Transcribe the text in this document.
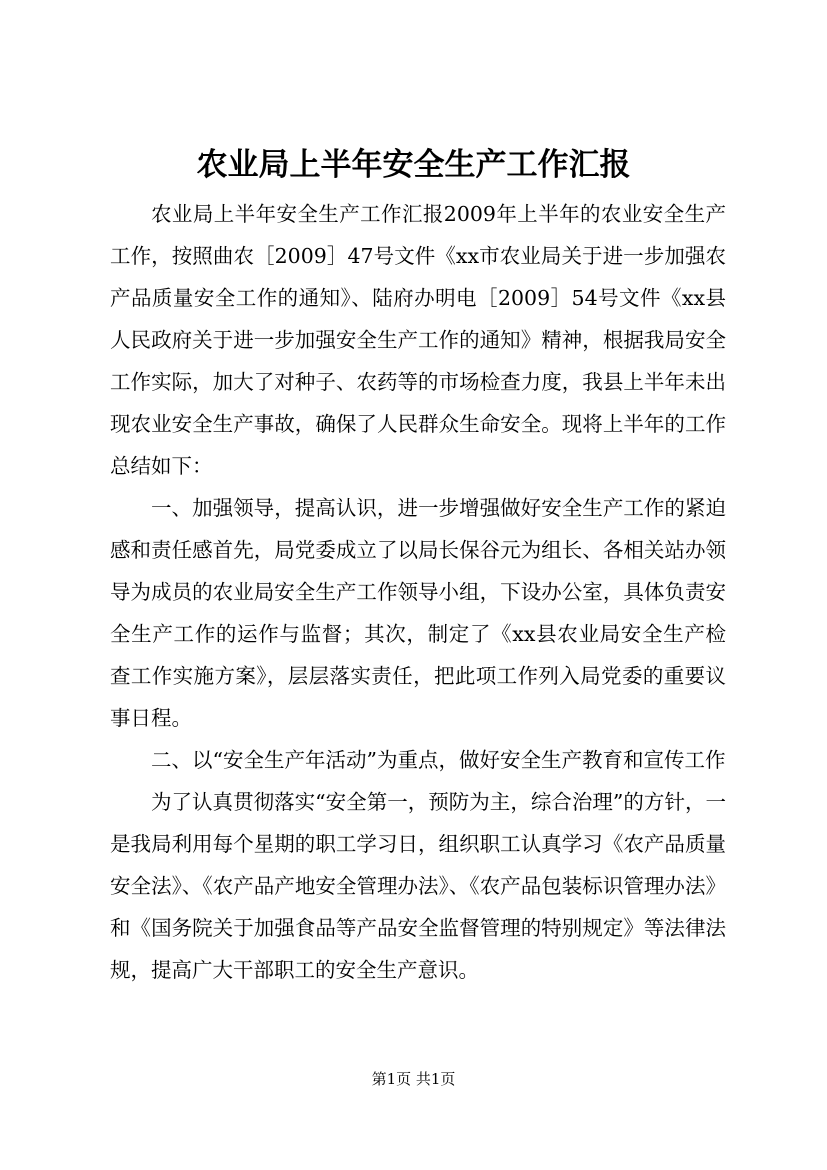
农业局上半年安全生产工作汇报

农业局上半年安全生产工作汇报2009年上半年的农业安全生产工作，按照曲农［2009］47号文件《xx市农业局关于进一步加强农产品质量安全工作的通知》、陆府办明电［2009］54号文件《xx县人民政府关于进一步加强安全生产工作的通知》精神，根据我局安全工作实际，加大了对种子、农药等的市场检查力度，我县上半年未出现农业安全生产事故，确保了人民群众生命安全。现将上半年的工作总结如下：

一、加强领导，提高认识，进一步增强做好安全生产工作的紧迫感和责任感首先，局党委成立了以局长保谷元为组长、各相关站办领导为成员的农业局安全生产工作领导小组，下设办公室，具体负责安全生产工作的运作与监督；其次，制定了《xx县农业局安全生产检查工作实施方案》，层层落实责任，把此项工作列入局党委的重要议事日程。

二、以“安全生产年活动”为重点，做好安全生产教育和宣传工作

为了认真贯彻落实“安全第一，预防为主，综合治理”的方针，一是我局利用每个星期的职工学习日，组织职工认真学习《农产品质量安全法》、《农产品产地安全管理办法》、《农产品包装标识管理办法》和《国务院关于加强食品等产品安全监督管理的特别规定》等法律法规，提高广大干部职工的安全生产意识。

第1页 共1页
